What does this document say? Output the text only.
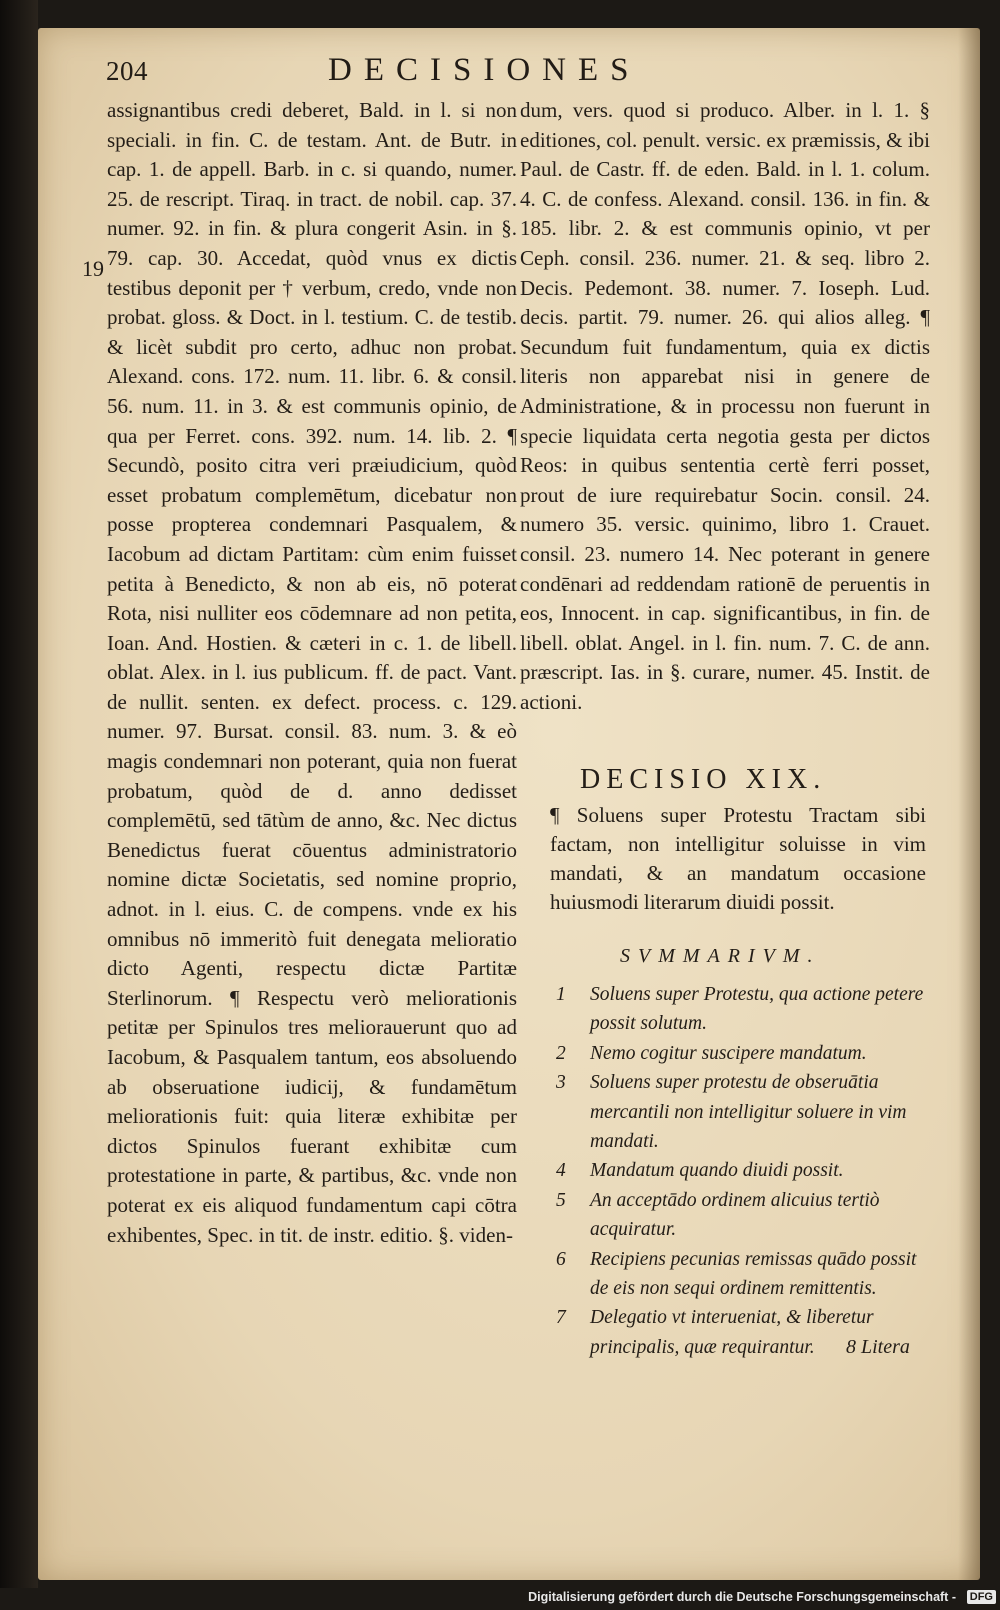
204	DECISIONES
19

assignantibus credi deberet, Bald. in l. si non speciali. in fin. C. de testam. Ant. de Butr. in cap. 1. de appell. Barb. in c. si quando, numer. 25. de rescript. Tiraq. in tract. de nobil. cap. 37. numer. 92. in fin. & plura congerit Asin. in §. 79. cap. 30. Accedat, quòd vnus ex dictis testibus deponit per † verbum, credo, vnde non probat. gloss. & Doct. in l. testium. C. de testib. & licèt subdit pro certo, adhuc non probat. Alexand. cons. 172. num. 11. libr. 6. & consil. 56. num. 11. in 3. & est communis opinio, de qua per Ferret. cons. 392. num. 14. lib. 2. ¶ Secundò, posito citra veri præiudicium, quòd esset probatum complemētum, dicebatur non posse propterea condemnari Pasqualem, & Iacobum ad dictam Partitam: cùm enim fuisset petita à Benedicto, & non ab eis, nō poterat Rota, nisi nulliter eos cōdemnare ad non petita, Ioan. And. Hostien. & cæteri in c. 1. de libell. oblat. Alex. in l. ius publicum. ff. de pact. Vant. de nullit. senten. ex defect. process. c. 129. numer. 97. Bursat. consil. 83. num. 3. & eò magis condemnari non poterant, quia non fuerat probatum, quòd de d. anno dedisset complemētū, sed tātùm de anno, &c. Nec dictus Benedictus fuerat cōuentus administratorio nomine dictæ Societatis, sed nomine proprio, adnot. in l. eius. C. de compens. vnde ex his omnibus nō immeritò fuit denegata melioratio dicto Agenti, respectu dictæ Partitæ Sterlinorum. ¶ Respectu verò meliorationis petitæ per Spinulos tres meliorauerunt quo ad Iacobum, & Pasqualem tantum, eos absoluendo ab obseruatione iudicij, & fundamētum meliorationis fuit: quia literæ exhibitæ per dictos Spinulos fuerant exhibitæ cum protestatione in parte, & partibus, &c. vnde non poterat ex eis aliquod fundamentum capi cōtra exhibentes, Spec. in tit. de instr. editio. §. viden-

dum, vers. quod si produco. Alber. in l. 1. § editiones, col. penult. versic. ex præmissis, & ibi Paul. de Castr. ff. de eden. Bald. in l. 1. colum. 4. C. de confess. Alexand. consil. 136. in fin. & 185. libr. 2. & est communis opinio, vt per Ceph. consil. 236. numer. 21. & seq. libro 2. Decis. Pedemont. 38. numer. 7. Ioseph. Lud. decis. partit. 79. numer. 26. qui alios alleg. ¶ Secundum fuit fundamentum, quia ex dictis literis non apparebat nisi in genere de Administratione, & in processu non fuerunt in specie liquidata certa negotia gesta per dictos Reos: in quibus sententia certè ferri posset, prout de iure requirebatur Socin. consil. 24. numero 35. versic. quinimo, libro 1. Crauet. consil. 23. numero 14. Nec poterant in genere condēnari ad reddendam rationē de peruentis in eos, Innocent. in cap. significantibus, in fin. de libell. oblat. Angel. in l. fin. num. 7. C. de ann. præscript. Ias. in §. curare, numer. 45. Instit. de actioni.

DECISIO XIX.
¶ Soluens super Protestu Tractam sibi factam, non intelligitur soluisse in vim mandati, & an mandatum occasione huiusmodi literarum diuidi possit.
SVMMARIVM.

1 Soluens super Protestu, qua actione petere possit solutum.

2 Nemo cogitur suscipere mandatum.

3 Soluens super protestu de obseruātia mercantili non intelligitur soluere in vim mandati.

4 Mandatum quando diuidi possit.

5 An acceptādo ordinem alicuius tertiò acquiratur.

6 Recipiens pecunias remissas quādo possit de eis non sequi ordinem remittentis.

7 Delegatio vt interueniat, & liberetur principalis, quæ requirantur.	8 Litera
Digitalisierung gefördert durch die Deutsche Forschungsgemeinschaft - DFG
